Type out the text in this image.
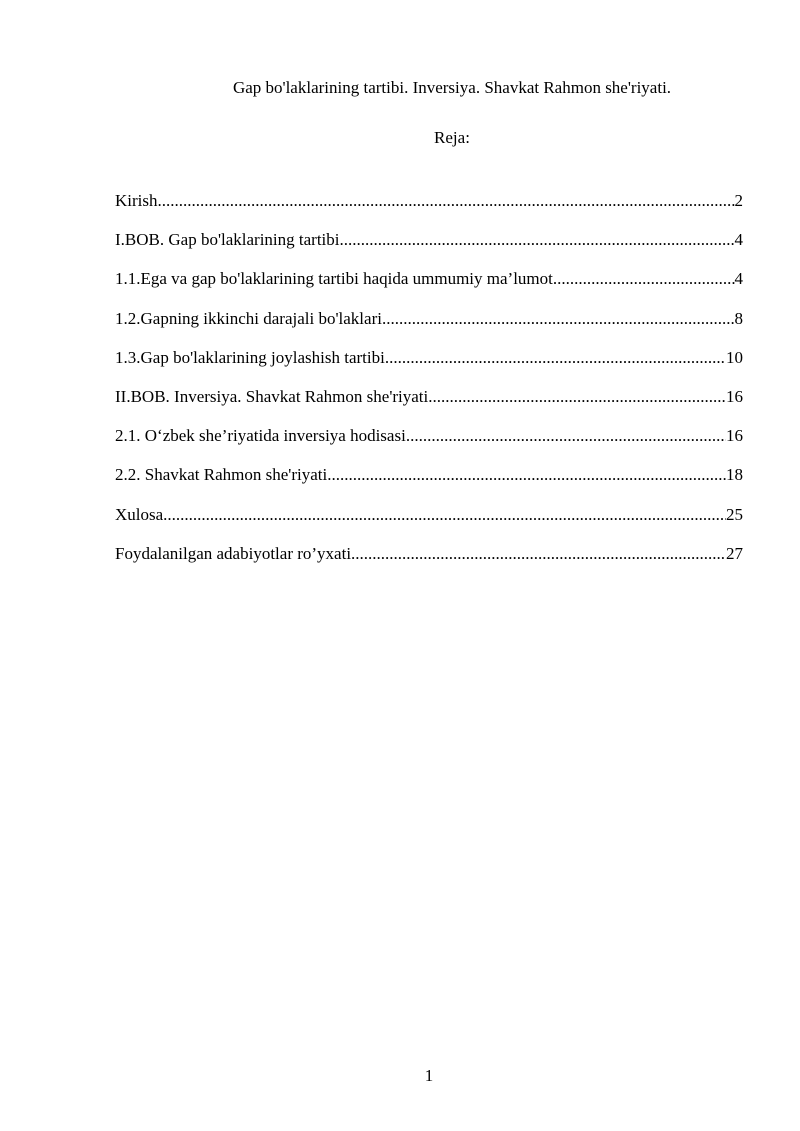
Gap bo'laklarining tartibi. Inversiya. Shavkat Rahmon she'riyati.
Reja:
Kirish .....	2
I.BOB. Gap bo'laklarining tartibi .....	4
1.1.Ega va gap bo'laklarining tartibi haqida ummumiy ma’lumot .....	4
1.2.Gapning ikkinchi darajali bo'laklari .....	8
1.3.Gap bo'laklarining joylashish tartibi .....	10
II.BOB. Inversiya. Shavkat Rahmon she'riyati .....	16
2.1. O‘zbek she’riyatida inversiya hodisasi .....	16
2.2. Shavkat Rahmon she'riyati .....	18
Xulosa .....	25
Foydalanilgan adabiyotlar ro’yxati .....	27
1
